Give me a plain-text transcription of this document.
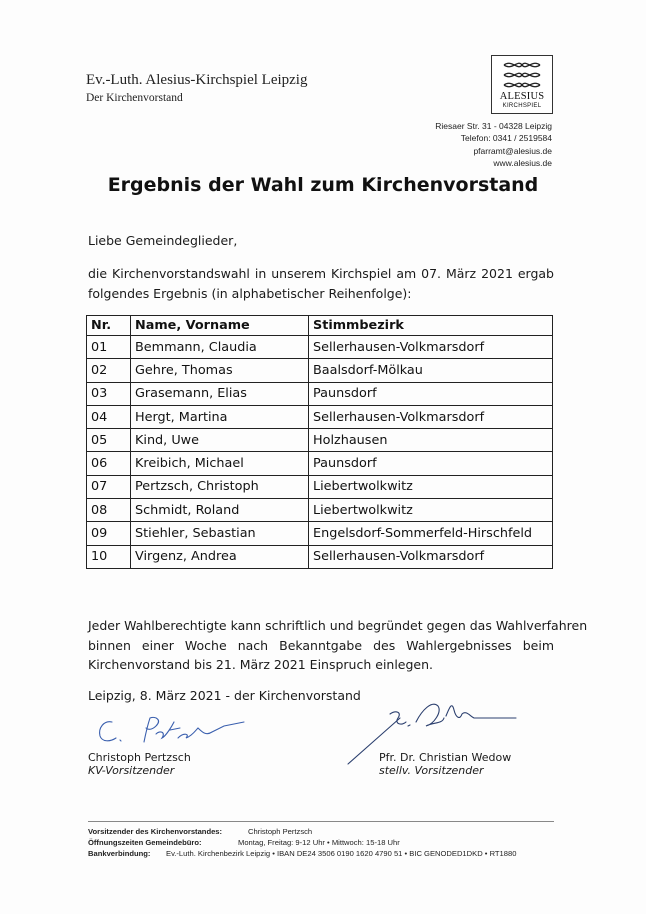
Ev.-Luth. Alesius-Kirchspiel Leipzig
Der Kirchenvorstand	ALESIUS
KIRCHSPIEL
Riesaer Str. 31 - 04328 Leipzig
Telefon: 0341 / 2519584
pfarramt@alesius.de
www.alesius.de
Ergebnis der Wahl zum Kirchenvorstand
Liebe Gemeindeglieder,
die Kirchenvorstandswahl in unserem Kirchspiel am 07. März 2021 ergab
folgendes Ergebnis (in alphabetischer Reihenfolge):
Nr.	Name, Vorname	Stimmbezirk
01	Bemmann, Claudia	Sellerhausen-Volkmarsdorf
02	Gehre, Thomas	Baalsdorf-Mölkau
03	Grasemann, Elias	Paunsdorf
04	Hergt, Martina	Sellerhausen-Volkmarsdorf
05	Kind, Uwe	Holzhausen
06	Kreibich, Michael	Paunsdorf
07	Pertzsch, Christoph	Liebertwolkwitz
08	Schmidt, Roland	Liebertwolkwitz
09	Stiehler, Sebastian	Engelsdorf-Sommerfeld-Hirschfeld
10	Virgenz, Andrea	Sellerhausen-Volkmarsdorf
Jeder Wahlberechtigte kann schriftlich und begründet gegen das Wahlverfahren
binnen einer Woche nach Bekanntgabe des Wahlergebnisses beim
Kirchenvorstand bis 21. März 2021 Einspruch einlegen.
Leipzig, 8. März 2021 - der Kirchenvorstand
Christoph Pertzsch
KV-Vorsitzender
Pfr. Dr. Christian Wedow
stellv. Vorsitzender
Vorsitzender des Kirchenvorstandes:	Christoph Pertzsch
Öffnungszeiten Gemeindebüro:	Montag, Freitag: 9-12 Uhr • Mittwoch: 15-18 Uhr
Bankverbindung: Ev.-Luth. Kirchenbezirk Leipzig • IBAN DE24 3506 0190 1620 4790 51 • BIC GENODED1DKD • RT1880
